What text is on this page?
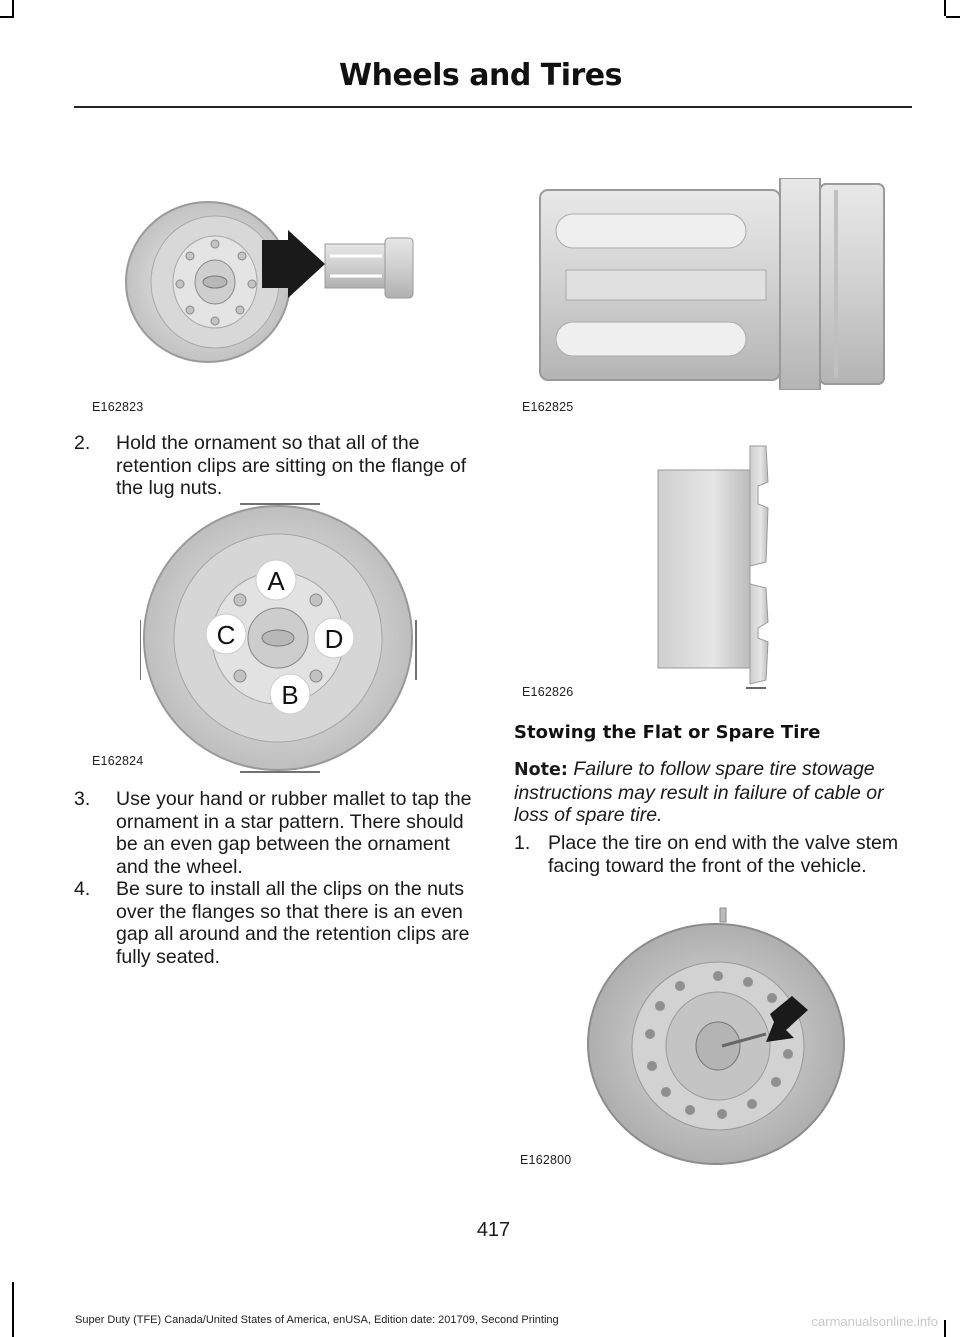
Wheels and Tires
E162823	E162825
2.	Hold the ornament so that all of the retention clips are sitting on the flange of the lug nuts.
A
B
C	D
E162824
E162826
3.	Use your hand or rubber mallet to tap the ornament in a star pattern. There should be an even gap between the ornament and the wheel.
4.	Be sure to install all the clips on the nuts over the flanges so that there is an even gap all around and the retention clips are fully seated.
Stowing the Flat or Spare Tire
Note: Failure to follow spare tire stowage instructions may result in failure of cable or loss of spare tire.
1. Place the tire on end with the valve stem facing toward the front of the vehicle.
E162800
417
Super Duty (TFE) Canada/United States of America, enUSA, Edition date: 201709, Second Printing	carmanualsonline.info
